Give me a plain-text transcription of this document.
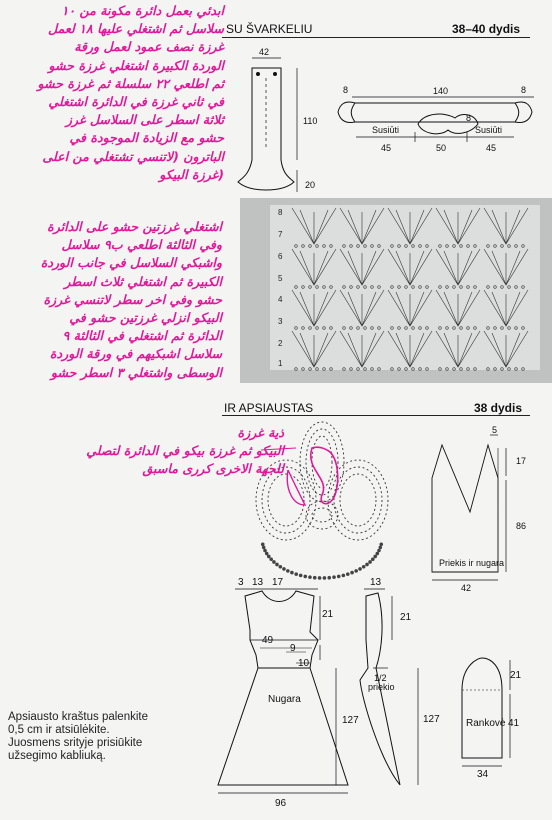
SU ŠVARKELIU	38–40 dydis
IR APSIAUSTAS	38 dydis
42
110
20
140
8	8
8
Susiūti	Susiūti
45	50	45
8
7
6
5
4
3
2
1
5
17
86
Priekis ir nugara
42
3 13 17
21
49
9
10
Nugara
127
96
13
21
1/2
priekio
127
21
Rankovė 41
34
ابدئي بعمل دائرة مكونة من ١٠
سلاسل ثم اشتغلي عليها ١٨ لعمل
غرزة نصف عمود لعمل ورقة
الوردة الكبيرة اشتغلي غرزة حشو
ثم اطلعي ٢٢ سلسلة ثم غرزة حشو
في ثاني غرزة في الدائرة اشتغلي
ثلاثة اسطر على السلاسل غرز
حشو مع الزيادة الموجودة في
الباترون (لاتنسي تشتغلي من اعلى
(غرزة البيكو
اشتغلي غرزتين حشو على الدائرة
وفي الثالثة اطلعي ب٩ سلاسل
واشبكي السلاسل في جانب الوردة
الكبيرة ثم اشتغلي ثلاث اسطر
حشو وفي اخر سطر لاتنسي غرزة
البيكو انزلي غرزتين حشو في
الدائرة ثم اشتغلي في الثالثة ٩
سلاسل اشبكيهم في ورقة الوردة
الوسطى واشتغلي ٣ اسطر حشو
ذية غرزة
البيكو ثم غرزة بيكو في الدائرة لتصلي
للجهة الاخرى كررى ماسبق
Apsiausto kraštus palenkite
0,5 cm ir atsiūlėkite.
Juosmens srityje prisiūkite
užsegimo kabliuką.
